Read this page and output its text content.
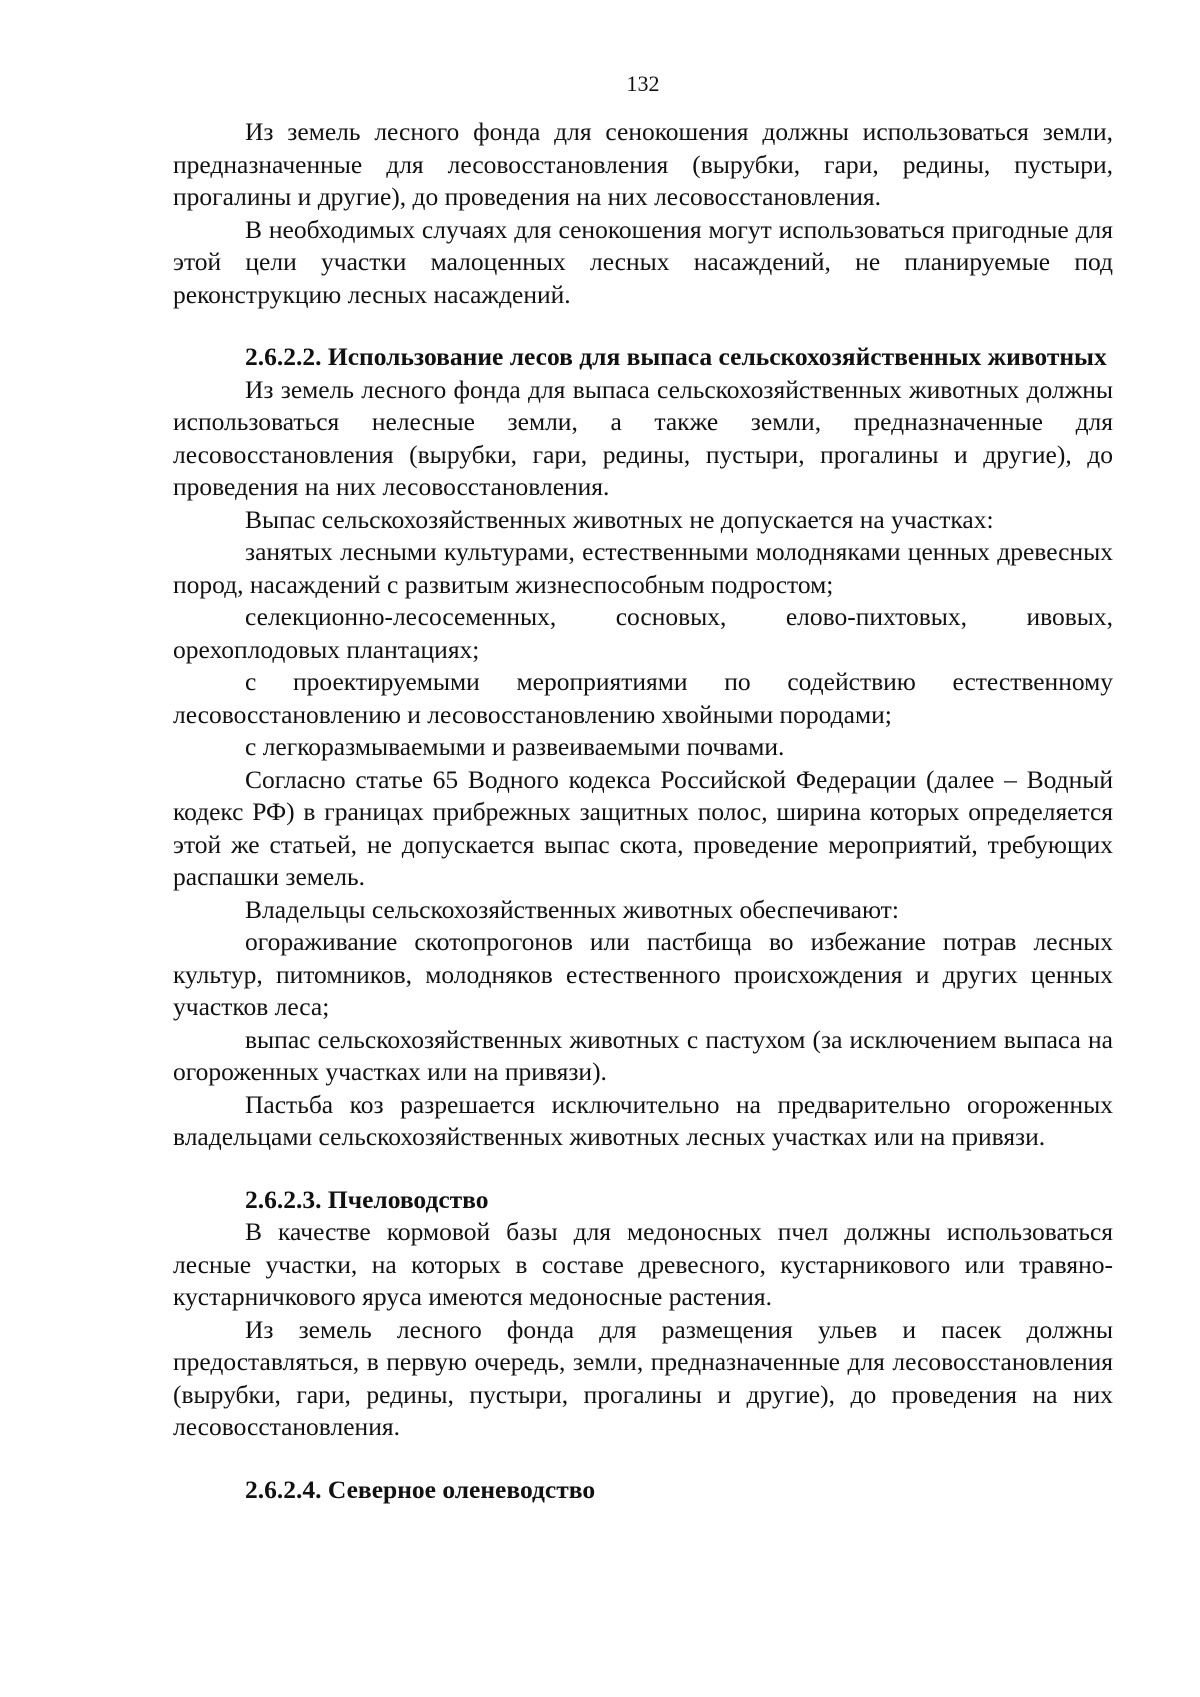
132

Из земель лесного фонда для сенокошения должны использоваться земли, предназначенные для лесовосстановления (вырубки, гари, редины, пустыри, прогалины и другие), до проведения на них лесовосстановления.

В необходимых случаях для сенокошения могут использоваться пригодные для этой цели участки малоценных лесных насаждений, не планируемые под реконструкцию лесных насаждений.

2.6.2.2. Использование лесов для выпаса сельскохозяйственных животных

Из земель лесного фонда для выпаса сельскохозяйственных животных должны использоваться нелесные земли, а также земли, предназначенные для лесовосстановления (вырубки, гари, редины, пустыри, прогалины и другие), до проведения на них лесовосстановления.

Выпас сельскохозяйственных животных не допускается на участках:

занятых лесными культурами, естественными молодняками ценных древесных пород, насаждений с развитым жизнеспособным подростом;

селекционно-лесосеменных, сосновых, елово-пихтовых, ивовых, орехоплодовых плантациях;

с проектируемыми мероприятиями по содействию естественному лесовосстановлению и лесовосстановлению хвойными породами;

с легкоразмываемыми и развеиваемыми почвами.

Согласно статье 65 Водного кодекса Российской Федерации (далее – Водный кодекс РФ) в границах прибрежных защитных полос, ширина которых определяется этой же статьей, не допускается выпас скота, проведение мероприятий, требующих распашки земель.

Владельцы сельскохозяйственных животных обеспечивают:

огораживание скотопрогонов или пастбища во избежание потрав лесных культур, питомников, молодняков естественного происхождения и других ценных участков леса;

выпас сельскохозяйственных животных с пастухом (за исключением выпаса на огороженных участках или на привязи).

Пастьба коз разрешается исключительно на предварительно огороженных владельцами сельскохозяйственных животных лесных участках или на привязи.

2.6.2.3. Пчеловодство

В качестве кормовой базы для медоносных пчел должны использоваться лесные участки, на которых в составе древесного, кустарникового или травяно-кустарничкового яруса имеются медоносные растения.

Из земель лесного фонда для размещения ульев и пасек должны предоставляться, в первую очередь, земли, предназначенные для лесовосстановления (вырубки, гари, редины, пустыри, прогалины и другие), до проведения на них лесовосстановления.

2.6.2.4. Северное оленеводство
